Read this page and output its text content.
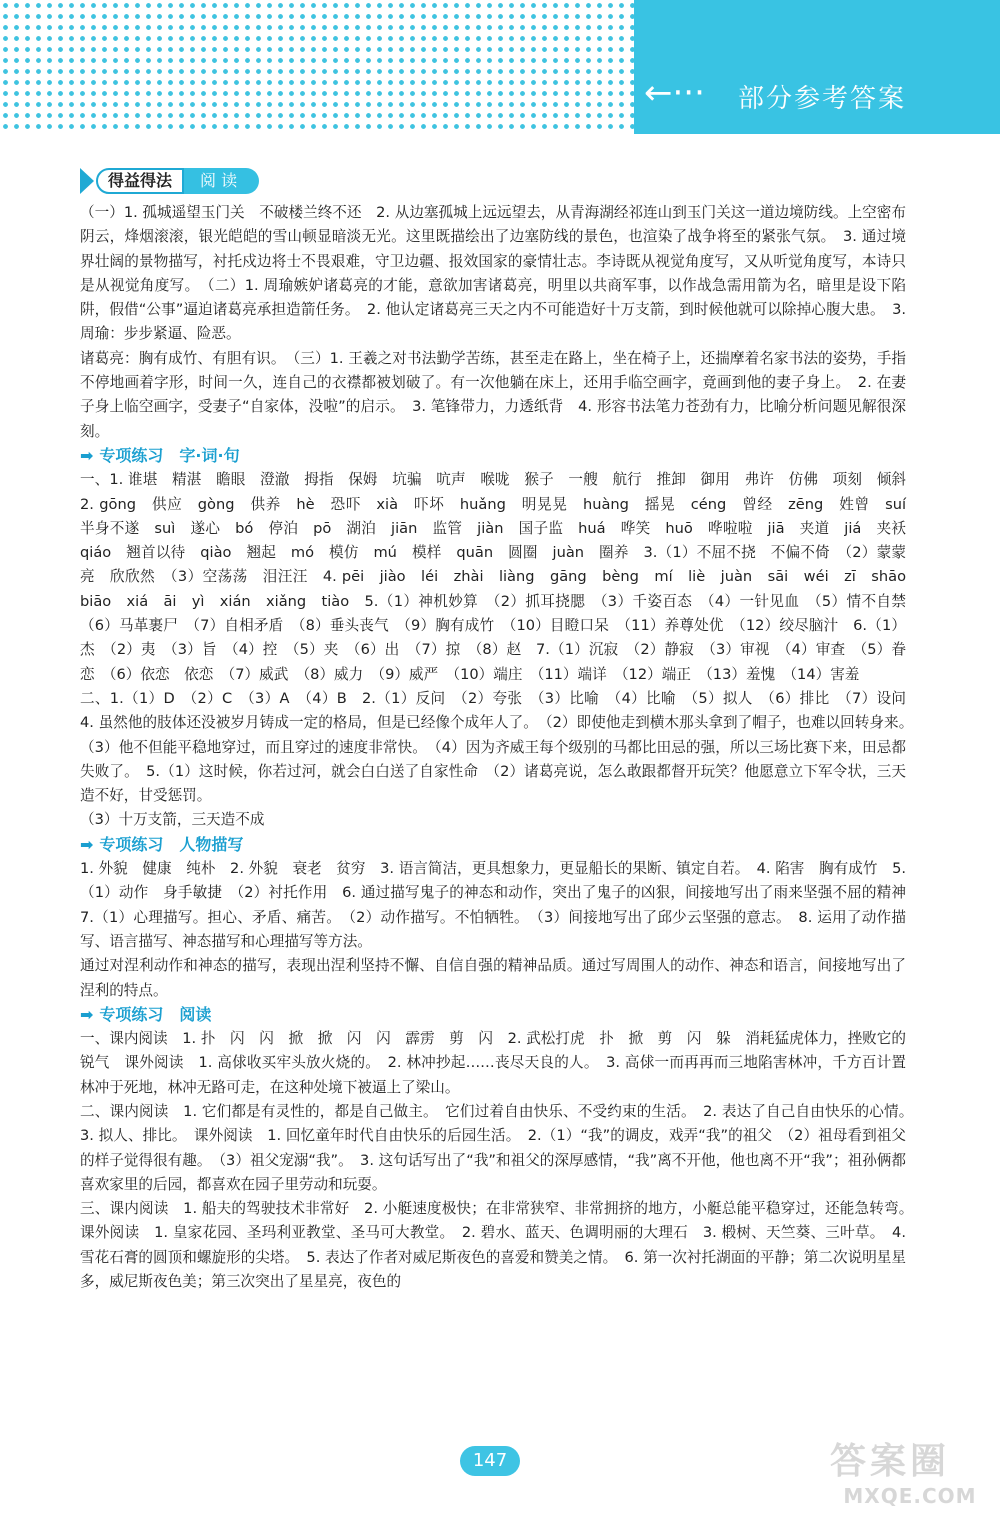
←··· 部分参考答案
得益得法	阅 读

（一）1. 孤城遥望玉门关　不破楼兰终不还　2. 从边塞孤城上远远望去，从青海湖经祁连山到玉门关这一道边境防线。上空密布阴云，烽烟滚滚，银光皑皑的雪山顿显暗淡无光。这里既描绘出了边塞防线的景色，也渲染了战争将至的紧张气氛。　3. 通过境界壮阔的景物描写，衬托戍边将士不畏艰难，守卫边疆、报效国家的豪情壮志。李诗既从视觉角度写，又从听觉角度写，本诗只是从视觉角度写。　（二）1. 周瑜嫉妒诸葛亮的才能，意欲加害诸葛亮，明里以共商军事，以作战急需用箭为名，暗里是设下陷阱，假借“公事”逼迫诸葛亮承担造箭任务。　2. 他认定诸葛亮三天之内不可能造好十万支箭，到时候他就可以除掉心腹大患。　3. 周瑜：步步紧逼、险恶。

诸葛亮：胸有成竹、有胆有识。　（三）1. 王羲之对书法勤学苦练，甚至走在路上，坐在椅子上，还揣摩着名家书法的姿势，手指不停地画着字形，时间一久，连自己的衣襟都被划破了。有一次他躺在床上，还用手临空画字，竟画到他的妻子身上。　2. 在妻子身上临空画字，受妻子“自家体，没啦”的启示。　3. 笔锋带力，力透纸背　4. 形容书法笔力苍劲有力，比喻分析问题见解很深刻。

➡ 专项练习　字·词·句

一、1. 谁堪　精湛　瞻眼　澄澈　拇指　保姆　坑骗　吭声　喉咙　猴子　一艘　航行　推卸　御用　弗许　仿佛　项刻　倾斜　2. gōng　供应　gòng　供养　hè　恐吓　xià　吓坏　huǎng　明晃晃　huàng　摇晃　céng　曾经　zēng　姓曾　suí　半身不遂　suì　遂心　bó　停泊　pō　湖泊　jiān　监管　jiàn　国子监　huá　哗笑　huō　哗啦啦　jiā　夹道　jiá　夹袄　qiáo　翘首以待　qiào　翘起　mó　模仿　mú　模样　quān　圆圈　juàn　圈养　3.（1）不屈不挠　不偏不倚　（2）蒙蒙亮　欣欣然　（3）空荡荡　泪汪汪　4. pēi　jiào　léi　zhài　liàng　gāng　bèng　mí　liè　juàn　sāi　wéi　zī　shāo　biāo　xiá　āi　yì　xián　xiǎng　tiào　5.（1）神机妙算　（2）抓耳挠腮　（3）千姿百态　（4）一针见血　（5）情不自禁　（6）马革裹尸　（7）自相矛盾　（8）垂头丧气　（9）胸有成竹　（10）目瞪口呆　（11）养尊处优　（12）绞尽脑汁　6.（1）杰　（2）夷　（3）旨　（4）控　（5）夹　（6）出　（7）掠　（8）赵　7.（1）沉寂　（2）静寂　（3）审视　（4）审查　（5）眷恋　（6）依恋　依恋　（7）威武　（8）威力　（9）威严　（10）端庄　（11）端详　（12）端正　（13）羞愧　（14）害羞

二、1.（1）D　（2）C　（3）A　（4）B　2.（1）反问　（2）夸张　（3）比喻　（4）比喻　（5）拟人　（6）排比　（7）设问　4. 虽然他的肢体还没被岁月铸成一定的格局，但是已经像个成年人了。　（2）即使他走到横木那头拿到了帽子，也难以回转身来。　（3）他不但能平稳地穿过，而且穿过的速度非常快。　（4）因为齐威王每个级别的马都比田忌的强，所以三场比赛下来，田忌都失败了。　5.（1）这时候，你若过河，就会白白送了自家性命　（2）诸葛亮说，怎么敢跟都督开玩笑？他愿意立下军令状，三天造不好，甘受惩罚。

（3）十万支箭，三天造不成

➡ 专项练习　人物描写

1. 外貌　健康　纯朴　2. 外貌　衰老　贫穷　3. 语言简洁，更具想象力，更显船长的果断、镇定自若。　4. 陷害　胸有成竹　5.（1）动作　身手敏捷　（2）衬托作用　6. 通过描写鬼子的神态和动作，突出了鬼子的凶狠，间接地写出了雨来坚强不屈的精神　7.（1）心理描写。担心、矛盾、痛苦。　（2）动作描写。不怕牺牲。　（3）间接地写出了邱少云坚强的意志。　8. 运用了动作描写、语言描写、神态描写和心理描写等方法。

通过对涅利动作和神态的描写，表现出涅利坚持不懈、自信自强的精神品质。通过写周围人的动作、神态和语言，间接地写出了涅利的特点。

➡ 专项练习　阅读

一、课内阅读　1. 扑　闪　闪　掀　掀　闪　闪　霹雳　剪　闪　2. 武松打虎　扑　掀　剪　闪　躲　消耗猛虎体力，挫败它的锐气　课外阅读　1. 高俅收买牢头放火烧的。　2. 林冲抄起……丧尽天良的人。　3. 高俅一而再再而三地陷害林冲，千方百计置林冲于死地，林冲无路可走，在这种处境下被逼上了梁山。

二、课内阅读　1. 它们都是有灵性的，都是自己做主。　它们过着自由快乐、不受约束的生活。　2. 表达了自己自由快乐的心情。　3. 拟人、排比。　课外阅读　1. 回忆童年时代自由快乐的后园生活。　2.（1）“我”的调皮，戏弄“我”的祖父　（2）祖母看到祖父的样子觉得很有趣。　（3）祖父宠溺“我”。　3. 这句话写出了“我”和祖父的深厚感情，“我”离不开他，他也离不开“我”；祖孙俩都喜欢家里的后园，都喜欢在园子里劳动和玩耍。

三、课内阅读　1. 船夫的驾驶技术非常好　2. 小艇速度极快；在非常狭窄、非常拥挤的地方，小艇总能平稳穿过，还能急转弯。　课外阅读　1. 皇家花园、圣玛利亚教堂、圣马可大教堂。　2. 碧水、蓝天、色调明丽的大理石　3. 椴树、天竺葵、三叶草。　4. 雪花石膏的圆顶和螺旋形的尖塔。　5. 表达了作者对威尼斯夜色的喜爱和赞美之情。　6. 第一次衬托湖面的平静；第二次说明星星多，威尼斯夜色美；第三次突出了星星亮，夜色的

147	答案圈
MXQE.COM
